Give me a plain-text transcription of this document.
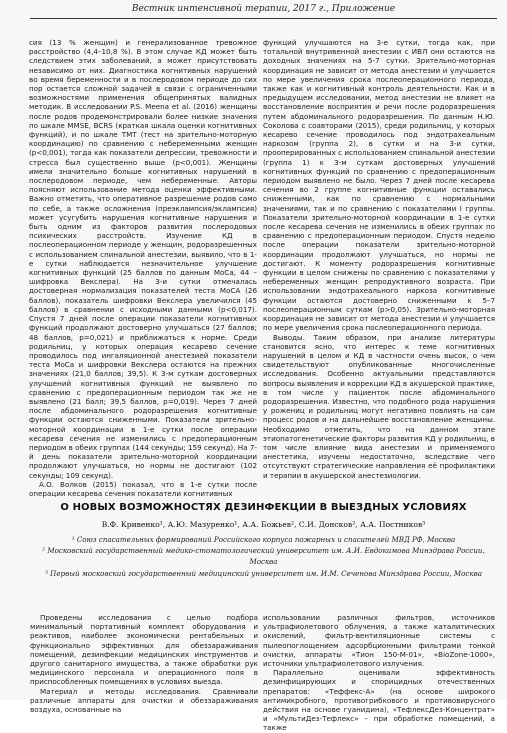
Вестник интенсивной терапии, 2017 г., Приложение

сия (13 % женщин) и генерализованное тревожное расстройство (4,4–10,8 %). В этом случае КД может быть следствием этих заболеваний, а может присутствовать независимо от них. Диагностика когнитивных нарушений во время беременности и в послеродовом периоде до сих пор остается сложной задачей в связи с ограниченными возможностями применения общепринятых валидных методик. В исследовании P.S. Meena et al. (2016) женщины после родов продемонстрировали более низкие значения по шкале MMSE, BCRS (краткая шкала оценки когнитивных функций), и по шкале TMT (тест на зрительно-моторную координацию) по сравнению с небеременными женщин (p<0,001), тогда как показатели депрессии, тревожности и стресса был существенно выше (p<0,001). Женщины имели значительно больше когнитивных нарушений в послеродовом периоде, чем небеременные. Авторы поясняют использование метода оценки эффективными. Важно отметить, что оперативное разрешение родов само по себе, а также осложнения (преэклампсия/эклампсия) может усугубить нарушения когнитивные нарушения и быть одним из факторов развития послеродовых психических расстройств. Изучение КД в послеоперационном периоде у женщин, родоразрешенных с использованием спинальной анестезии, выявило, что в 1-е сутки наблюдается незначительное улучшение когнитивных функций (25 баллов по данным MoCa, 44 – шифровка Векслера). На 3-и сутки отмечалась достоверная нормализация показателей теста MoCA (26 баллов), показатель шифровки Векслера увеличился (45 баллов) в сравнении с исходными данными (p<0,017). Спустя 7 дней после операции показатели когнитивных функций продолжают достоверно улучшаться (27 баллов; 48 баллов, p=0,021) и приближаться к норме. Среди родильниц, у которых операция кесарево сечение проводилось под ингаляционной анестезией показатели теста MoCa и шифровки Векслера остаются на прежних значениях (21,0 баллов; 39,5). К 3-м суткам достоверных улучшений когнитивных функций не выявлено по сравнению с предоперационным периодом так же не выявлено (21 балл; 39,5 баллов, p=0,019). Через 7 дней после абдоминального родоразрешения когнитивные функции остаются сниженными. Показатели зрительно-моторной координации в 1-е сутки после операции кесарева сечения не изменились с предоперационным периодом в обеих группах (144 секунды; 159 секунд). На 7-й день показатели зрительно-моторной координации продолжают улучшаться, но нормы не достигают (102 секунды; 109 секунд).

А.О. Волков (2015) показал, что в 1-е сутки после операции кесарева сечения показатели когнитивных

функций улучшаются на 3-е сутки, тогда как, при тотальной внутривенной анестезии с ИВЛ они остаются на доходных значениях на 5-7 сутки. Зрительно-моторная координация не зависит от метода анестезии и улучшается по мере увеличения срока послеоперационного периода, также как и когнитивный контроль деятельности. Как и в предыдущем исследовании, метод анестезии не влияет на восстановление восприятия и речи после родоразрешения путем абдоминального родоразрешения. По данным Н.Ю. Соколова с соавторами (2015), среди родильниц, у которых кесарево сечение проводилось под эндотрахеальным наркозом (группа 2), в сутки и на 3-и сутки, прооперированных с использованием спинальной анестезии (группа 1) к 3-м суткам достоверных улучшений когнитивных функций по сравнению с предоперационным периодом выявлено не было. Через 7 дней после кесарева сечения во 2 группе когнитивные функции оставались сниженными, как по сравнению с нормальными значениями, так и по сравнению с показателями I группы. Показатели зрительно-моторной координации в 1-е сутки после кесарева сечения не изменились в обеих группах по сравнению с предоперационным периодом. Спустя неделю после операции показатели зрительно-моторной координации продолжают улучшаться, но нормы не достигают. К моменту родоразрешения когнитивные функции в целом снижены по сравнению с показателями у небеременных женщин репродуктивного возраста. При использовании эндотрахеального наркоза когнитивные функции остаются достоверно сниженными к 5–7 послеоперационным суткам (p>0,05). Зрительно-моторная координация не зависит от метода анестезии и улучшается по мере увеличения срока послеоперационного периода.

Выводы. Таким образом, при анализе литературы становится ясно, что интерес к теме когнитивных нарушений в целом и КД в частности очень высок, о чем свидетельствуют опубликованные многочисленные исследования. Особенно актуальными представляются вопросы выявления и коррекции КД в акушерской практике, в том числе у пациенток после абдоминального родоразрешения. Известно, что подобного рода нарушения у рожениц и родильниц могут негативно повлиять на сам процесс родов и на дальнейшее восстановление женщины. Необходимо отметить, что на данном этапе этиопатогенетические факторы развития КД у родильниц, в том числе влияние вида анестезии и применяемого анестетика, изучены недостаточно, вследствие чего отсутствуют стратегические направления её профилактики и терапии в акушерской анестезиологии.

О НОВЫХ ВОЗМОЖНОСТЯХ ДЕЗИНФЕКЦИИ В ВЫЕЗДНЫХ УСЛОВИЯХ
В.Ф. Кривенко¹, А.Ю. Мазуренко¹, А.А. Божьев², С.И. Донсков², А.А. Постников³
¹ Союз спасательных формирований Российского корпуса пожарных и спасателей МВД РФ, Москва
² Московский государственный медико-стоматологический университет им. А.И. Евдокимова Минздрава России,
Москва
³ Первый московский государственный медицинский университет им. И.М. Сеченова Минздрава России, Москва

Проведены исследования с целью подбора минимальный портативный комплект оборудования и реактивов, наиболее экономически рентабельных и функционально эффективных для обеззараживания помещений, дезинфекции медицинских инструментов и другого санитарного имущества, а также обработки рук медицинского персонала и операционного поля в приспособленных помещениях в условиях выезда.

Материал и методы исследования. Сравнивали различные аппараты для очистки и обеззараживания воздуха, основанные на

использовании различных фильтров, источников ультрафиолетового облучения, а также каталитических окислений, фильтр-вентиляционные системы с пылеопоглощением адсорбционными фильтрами тонкой очистки, аппараты «Тион 150-М-01», «BioZone-1000», источники ультрафиолетового излучения.

Параллельно оценивали эффективность дезинфицирующих и спорицидных отечественных препаратов: «Теффекс-А» (на основе широкого антимикробного, противогрибкового и противовирусного действия на основе гуанидина), «ТефлексДез-Концентрат» и «МультиДез-Тефлекс» – при обработке помещений, а также
